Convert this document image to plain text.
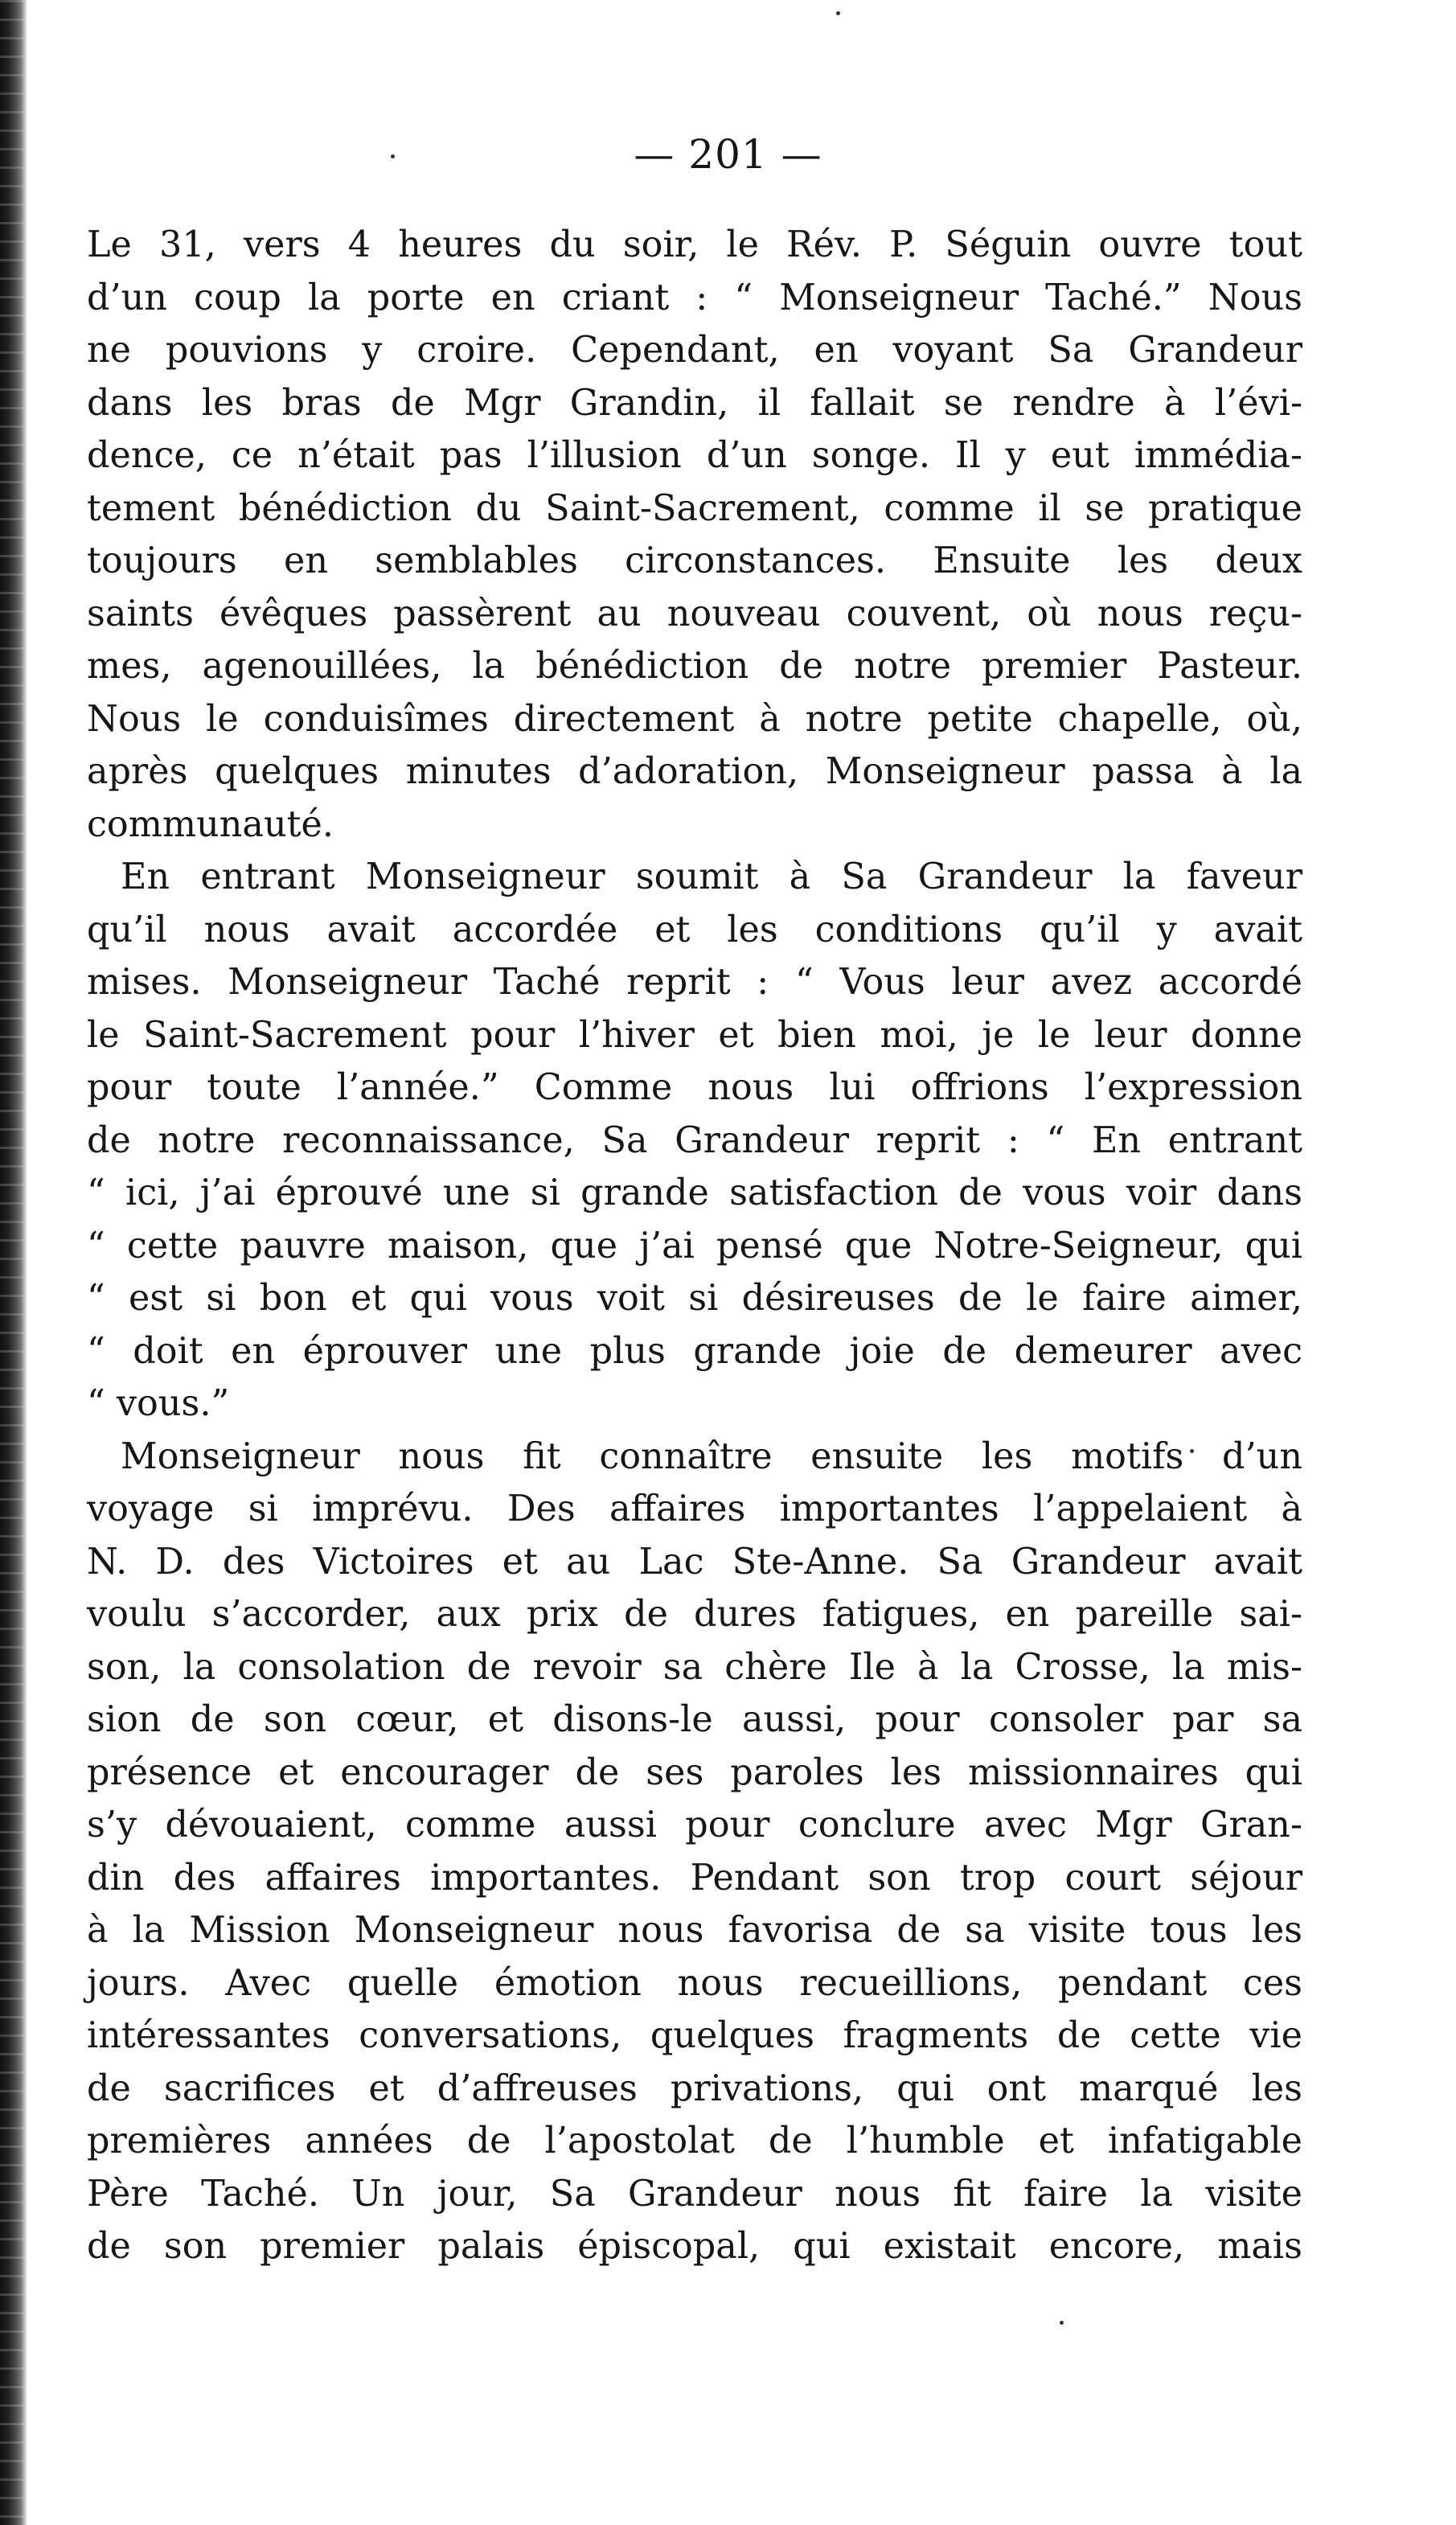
— 201 —
Le 31, vers 4 heures du soir, le Rév. P. Séguin ouvre tout
d’un coup la porte en criant : “ Monseigneur Taché.” Nous
ne pouvions y croire. Cependant, en voyant Sa Grandeur
dans les bras de Mgr Grandin, il fallait se rendre à l’évi-
dence, ce n’était pas l’illusion d’un songe. Il y eut immédia-
tement bénédiction du Saint-Sacrement, comme il se pratique
toujours en semblables circonstances. Ensuite les deux
saints évêques passèrent au nouveau couvent, où nous reçu-
mes, agenouillées, la bénédiction de notre premier Pasteur.
Nous le conduisîmes directement à notre petite chapelle, où,
après quelques minutes d’adoration, Monseigneur passa à la
communauté.
En entrant Monseigneur soumit à Sa Grandeur la faveur
qu’il nous avait accordée et les conditions qu’il y avait
mises. Monseigneur Taché reprit : “ Vous leur avez accordé
le Saint-Sacrement pour l’hiver et bien moi, je le leur donne
pour toute l’année.” Comme nous lui offrions l’expression
de notre reconnaissance, Sa Grandeur reprit : “ En entrant
“ ici, j’ai éprouvé une si grande satisfaction de vous voir dans
“ cette pauvre maison, que j’ai pensé que Notre-Seigneur, qui
“ est si bon et qui vous voit si désireuses de le faire aimer,
“ doit en éprouver une plus grande joie de demeurer avec
“ vous.”
Monseigneur nous fit connaître ensuite les motifs d’un
voyage si imprévu. Des affaires importantes l’appelaient à
N. D. des Victoires et au Lac Ste-Anne. Sa Grandeur avait
voulu s’accorder, aux prix de dures fatigues, en pareille sai-
son, la consolation de revoir sa chère Ile à la Crosse, la mis-
sion de son cœur, et disons-le aussi, pour consoler par sa
présence et encourager de ses paroles les missionnaires qui
s’y dévouaient, comme aussi pour conclure avec Mgr Gran-
din des affaires importantes. Pendant son trop court séjour
à la Mission Monseigneur nous favorisa de sa visite tous les
jours. Avec quelle émotion nous recueillions, pendant ces
intéressantes conversations, quelques fragments de cette vie
de sacrifices et d’affreuses privations, qui ont marqué les
premières années de l’apostolat de l’humble et infatigable
Père Taché. Un jour, Sa Grandeur nous fit faire la visite
de son premier palais épiscopal, qui existait encore, mais
